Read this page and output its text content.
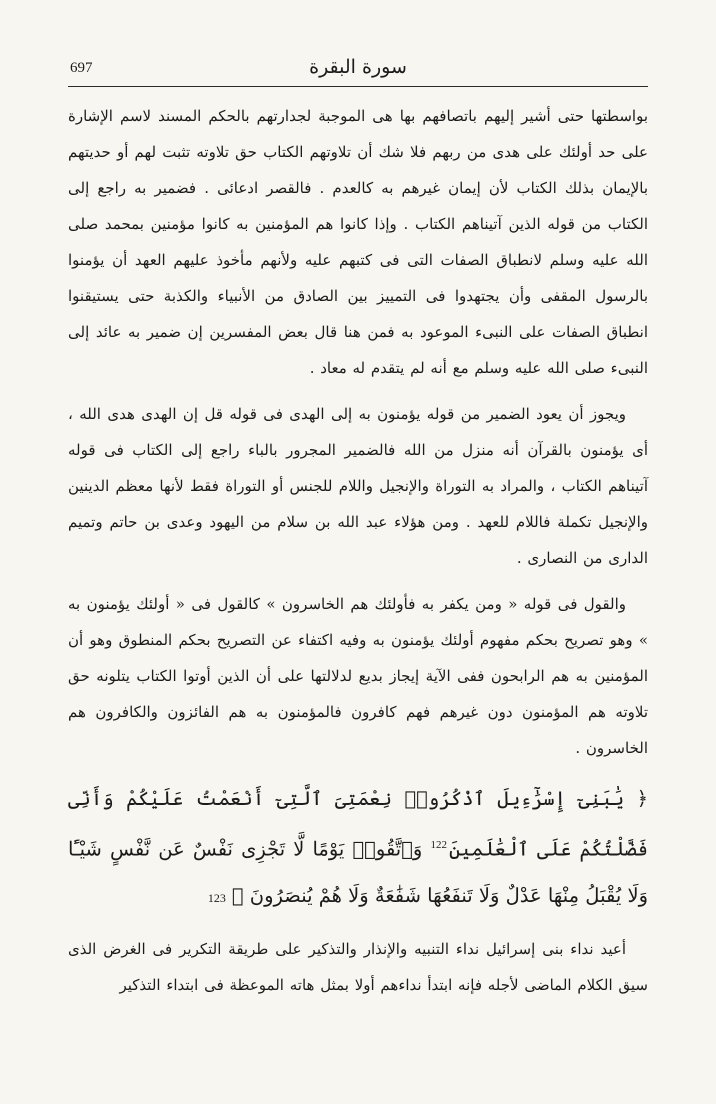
697	سورة البقرة

بواسطتها حتى أشير إليهم باتصافهم بها هى الموجبة لجدارتهم بالحكم المسند لاسم الإشارة على حد أولئك على هدى من ربهم فلا شك أن تلاوتهم الكتاب حق تلاوته تثبت لهم أو حديتهم بالإيمان بذلك الكتاب لأن إيمان غيرهم به كالعدم . فالقصر ادعائى . فضمير به راجع إلى الكتاب من قوله الذين آتيناهم الكتاب . وإذا كانوا هم المؤمنين به كانوا مؤمنين بمحمد صلى الله عليه وسلم لانطباق الصفات التى فى كتبهم عليه ولأنهم مأخوذ عليهم العهد أن يؤمنوا بالرسول المقفى وأن يجتهدوا فى التمييز بين الصادق من الأنبياء والكذبة حتى يستيقنوا انطباق الصفات على النبىء الموعود به فمن هنا قال بعض المفسرين إن ضمير به عائد إلى النبىء صلى الله عليه وسلم مع أنه لم يتقدم له معاد .

ويجوز أن يعود الضمير من قوله يؤمنون به إلى الهدى فى قوله قل إن الهدى هدى الله ، أى يؤمنون بالقرآن أنه منزل من الله فالضمير المجرور بالباء راجع إلى الكتاب فى قوله آتيناهم الكتاب ، والمراد به التوراة والإنجيل واللام للجنس أو التوراة فقط لأنها معظم الدينين والإنجيل تكملة فاللام للعهد . ومن هؤلاء عبد الله بن سلام من اليهود وعدى بن حاتم وتميم الدارى من النصارى .

والقول فى قوله « ومن يكفر به فأولئك هم الخاسرون » كالقول فى « أولئك يؤمنون به » وهو تصريح بحكم مفهوم أولئك يؤمنون به وفيه اكتفاء عن التصريح بحكم المنطوق وهو أن المؤمنين به هم الرابحون ففى الآية إيجاز بديع لدلالتها على أن الذين أوتوا الكتاب يتلونه حق تلاوته هم المؤمنون دون غيرهم فهم كافرون فالمؤمنون به هم الفائزون والكافرون هم الخاسرون .

﴿ يَٰبَنِىٓ إِسْرَٰٓءِيلَ ٱذْكُرُوا۟ نِعْمَتِىَ ٱلَّتِىٓ أَنْعَمْتُ عَلَيْكُمْ وَأَنِّى فَضَّلْتُكُمْ عَلَى ٱلْعَٰلَمِينَ$^{122}$ وَٱتَّقُوا۟ يَوْمًا لَّا تَجْزِى نَفْسٌ عَن نَّفْسٍ شَيْـًٔا وَلَا يُقْبَلُ مِنْهَا عَدْلٌ وَلَا تَنفَعُهَا شَفَٰعَةٌ وَلَا هُمْ يُنصَرُونَ ﴾123

أعيد نداء بنى إسرائيل نداء التنبيه والإنذار والتذكير على طريقة التكرير فى الغرض الذى سيق الكلام الماضى لأجله فإنه ابتدأ نداءهم أولا بمثل هاته الموعظة فى ابتداء التذكير
